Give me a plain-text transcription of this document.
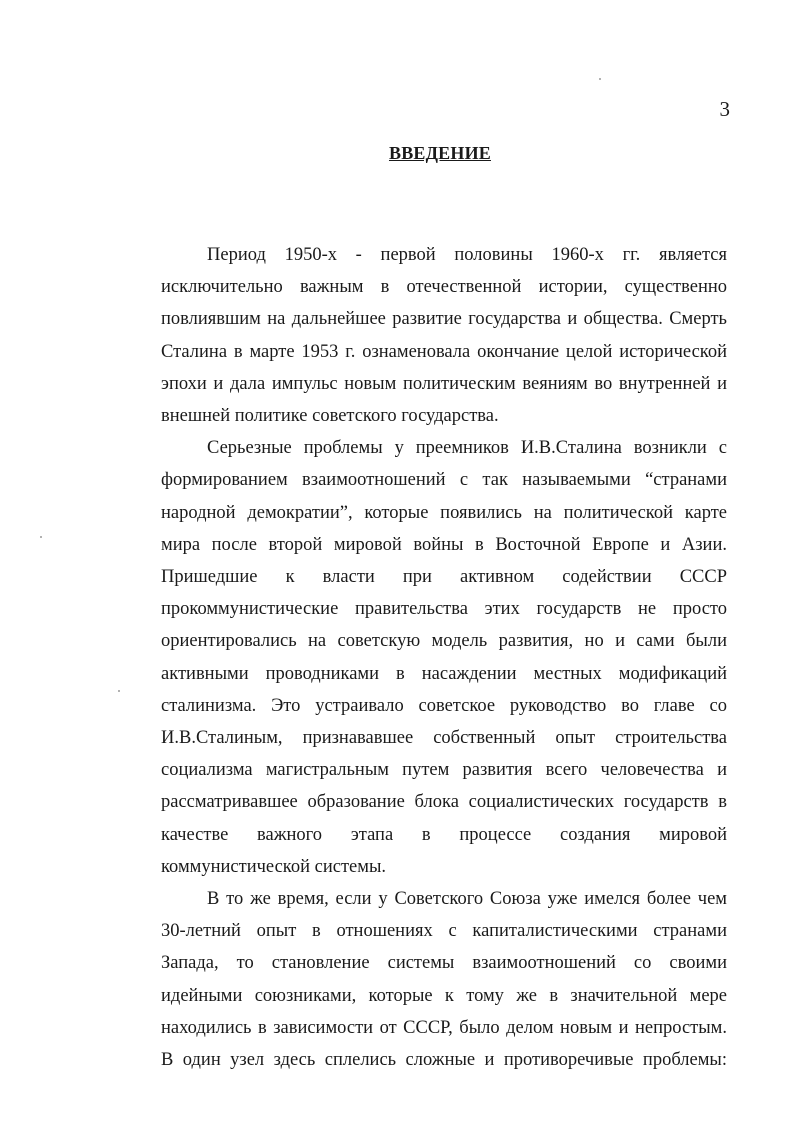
3
ВВЕДЕНИЕ
Период 1950-х - первой половины 1960-х гг. является
исключительно важным в отечественной истории, существенно
повлиявшим на дальнейшее развитие государства и общества. Смерть
Сталина в марте 1953 г. ознаменовала окончание целой исторической
эпохи и дала импульс новым политическим веяниям во внутренней и
внешней политике советского государства.
Серьезные проблемы у преемников И.В.Сталина возникли с
формированием взаимоотношений с так называемыми “странами
народной демократии”, которые появились на политической карте
мира после второй мировой войны в Восточной Европе и Азии.
Пришедшие к власти при активном содействии СССР
прокоммунистические правительства этих государств не просто
ориентировались на советскую модель развития, но и сами были
активными проводниками в насаждении местных модификаций
сталинизма. Это устраивало советское руководство во главе со
И.В.Сталиным, признававшее собственный опыт строительства
социализма магистральным путем развития всего человечества и
рассматривавшее образование блока социалистических государств в
качестве важного этапа в процессе создания мировой
коммунистической системы.
В то же время, если у Советского Союза уже имелся более чем
30-летний опыт в отношениях с капиталистическими странами
Запада, то становление системы взаимоотношений со своими
идейными союзниками, которые к тому же в значительной мере
находились в зависимости от СССР, было делом новым и непростым.
В один узел здесь сплелись сложные и противоречивые проблемы:
